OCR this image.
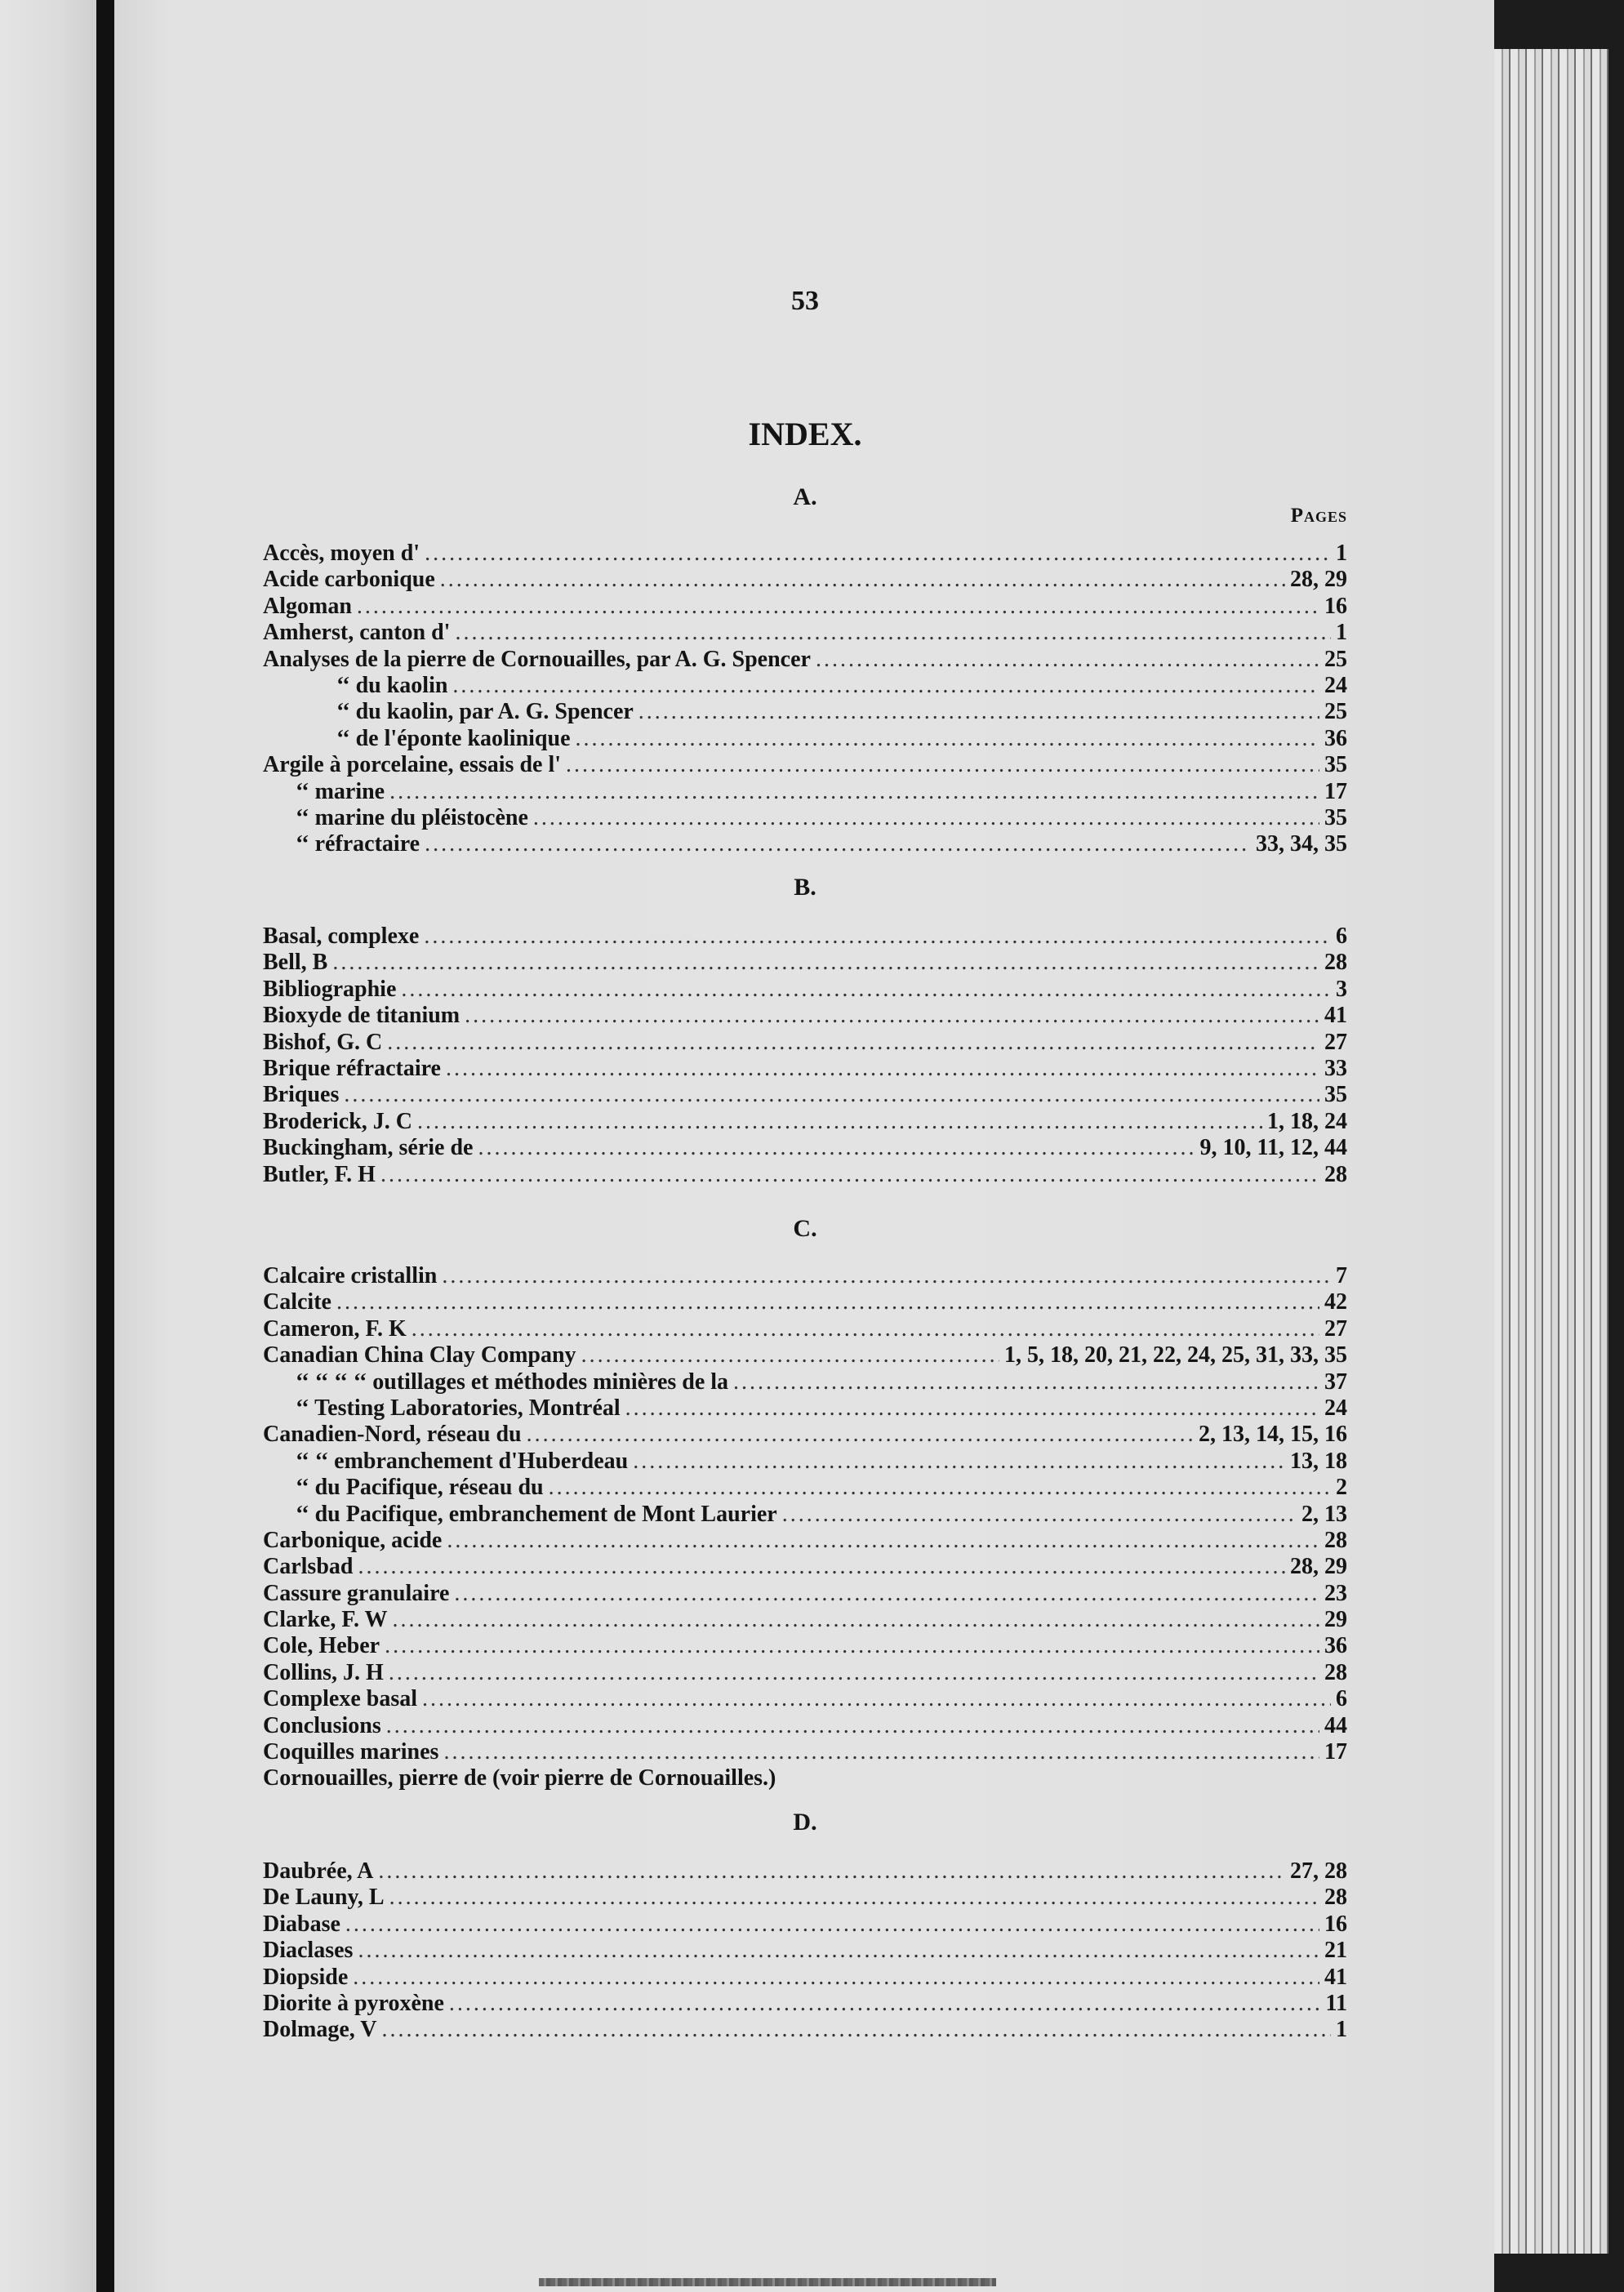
53
INDEX.
Pages
A.
Accès, moyen d' .....	1
Acide carbonique .....	28, 29
Algoman .....	16
Amherst, canton d' .....	1
Analyses de la pierre de Cornouailles, par A. G. Spencer .....	25
‘‘ du kaolin .....	24
‘‘ du kaolin, par A. G. Spencer .....	25
‘‘ de l'éponte kaolinique .....	36
Argile à porcelaine, essais de l' .....	35
‘‘ marine .....	17
‘‘ marine du pléistocène .....	35
‘‘ réfractaire .....	33, 34, 35
B.
Basal, complexe .....	6
Bell, B .....	28
Bibliographie .....	3
Bioxyde de titanium .....	41
Bishof, G. C .....	27
Brique réfractaire .....	33
Briques .....	35
Broderick, J. C .....	1, 18, 24
Buckingham, série de .....	9, 10, 11, 12, 44
Butler, F. H .....	28
C.
Calcaire cristallin .....	7
Calcite .....	42
Cameron, F. K .....	27
Canadian China Clay Company .....	1, 5, 18, 20, 21, 22, 24, 25, 31, 33, 35
‘‘ ‘‘ ‘‘ ‘‘ outillages et méthodes minières de la .....	37
‘‘ Testing Laboratories, Montréal .....	24
Canadien-Nord, réseau du .....	2, 13, 14, 15, 16
‘‘ ‘‘ embranchement d'Huberdeau .....	13, 18
‘‘ du Pacifique, réseau du .....	2
‘‘ du Pacifique, embranchement de Mont Laurier .....	2, 13
Carbonique, acide .....	28
Carlsbad .....	28, 29
Cassure granulaire .....	23
Clarke, F. W .....	29
Cole, Heber .....	36
Collins, J. H .....	28
Complexe basal .....	6
Conclusions .....	44
Coquilles marines .....	17
Cornouailles, pierre de (voir pierre de Cornouailles.)
D.
Daubrée, A .....	27, 28
De Launy, L .....	28
Diabase .....	16
Diaclases .....	21
Diopside .....	41
Diorite à pyroxène .....	11
Dolmage, V .....	1
